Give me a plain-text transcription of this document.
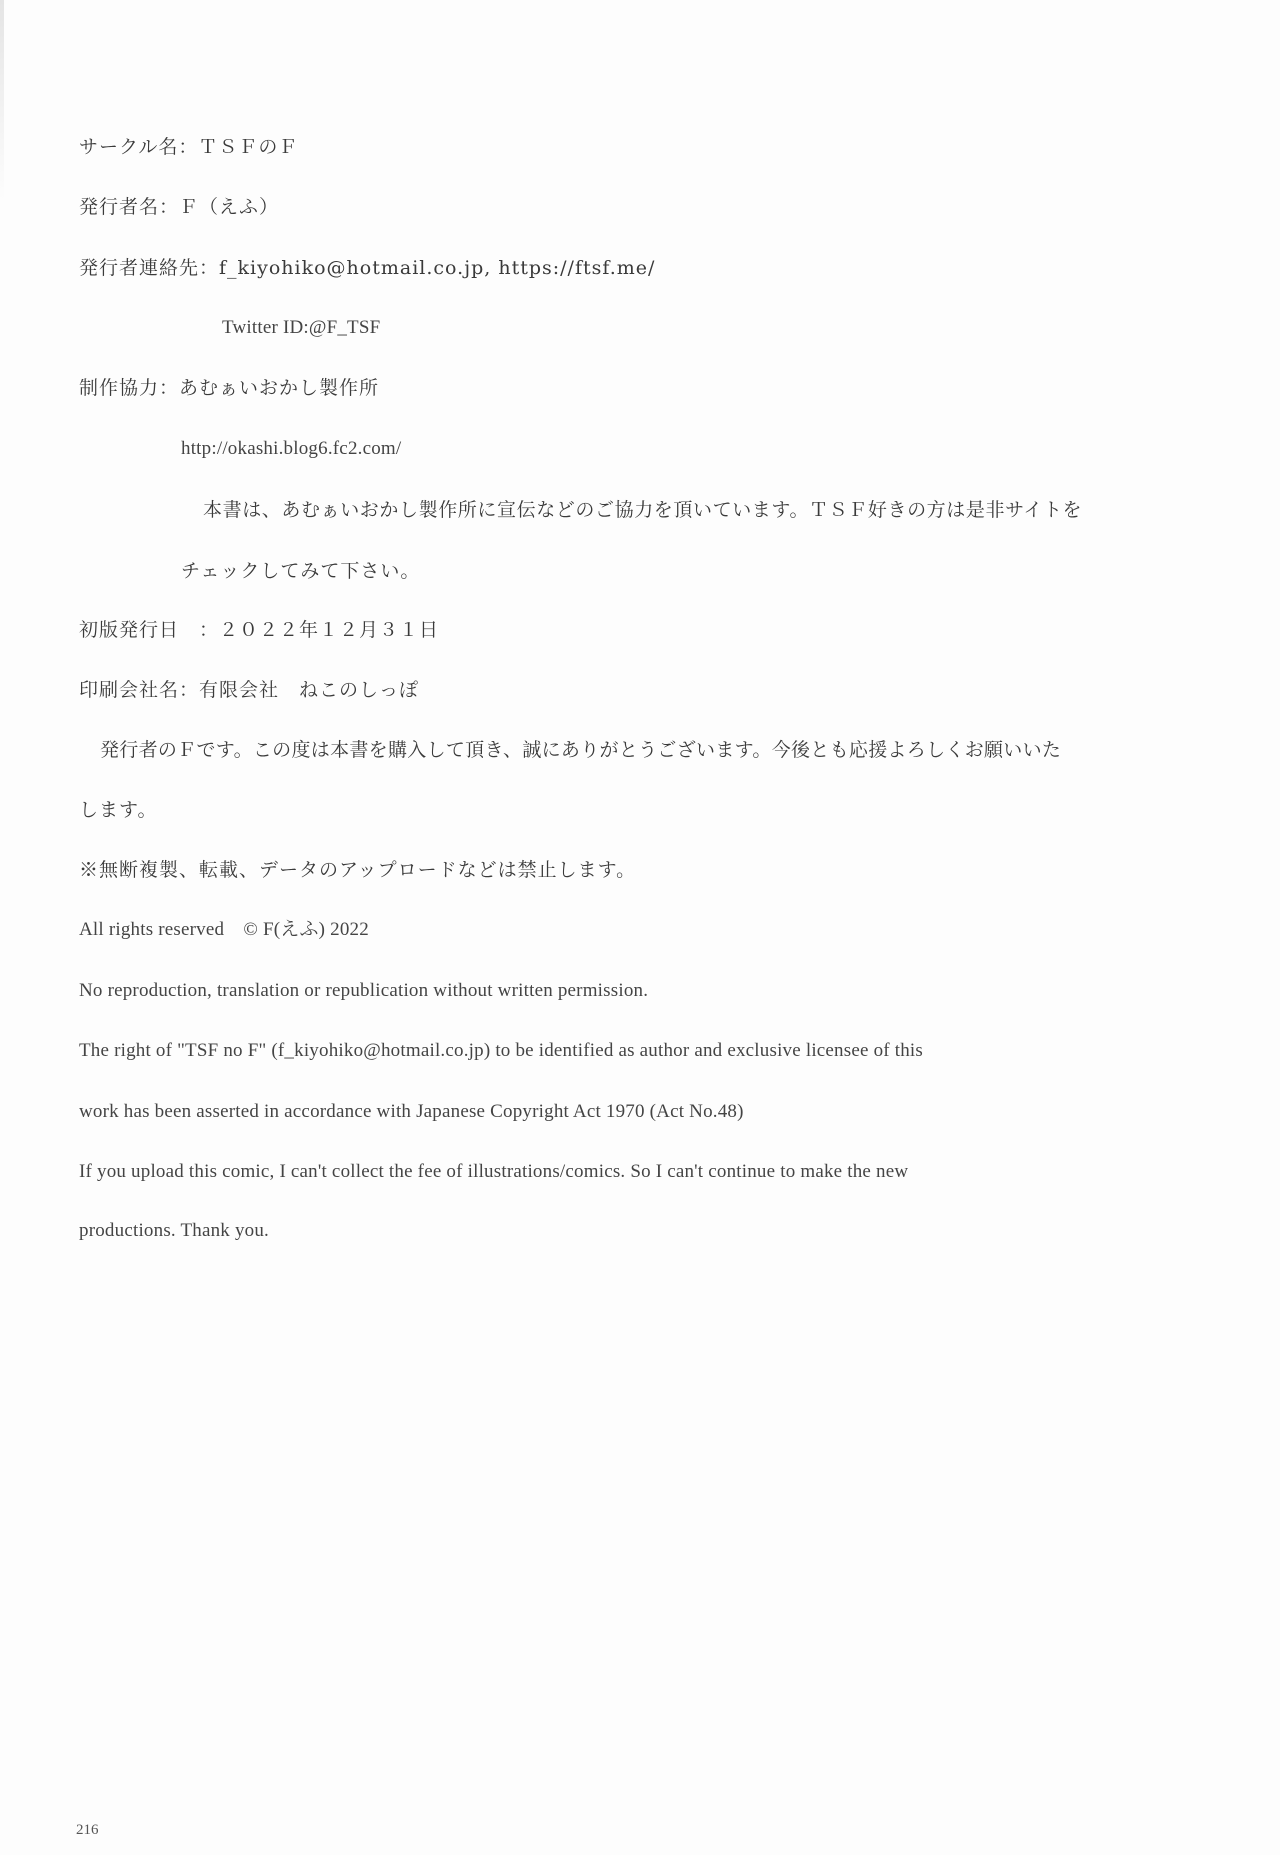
サークル名：ＴＳＦのＦ
発行者名：Ｆ（えふ）
発行者連絡先：f_kiyohiko@hotmail.co.jp, https://ftsf.me/
Twitter ID:@F_TSF
制作協力：あむぁいおかし製作所
http://okashi.blog6.fc2.com/
本書は、あむぁいおかし製作所に宣伝などのご協力を頂いています。ＴＳＦ好きの方は是非サイトを
チェックしてみて下さい。
初版発行日　：２０２２年１２月３１日
印刷会社名：有限会社　ねこのしっぽ
発行者のＦです。この度は本書を購入して頂き、誠にありがとうございます。今後とも応援よろしくお願いいた
します。
※無断複製、転載、データのアップロードなどは禁止します。
All rights reserved　© F(えふ) 2022
No reproduction, translation or republication without written permission.
The right of "TSF no F" (f_kiyohiko@hotmail.co.jp) to be identified as author and exclusive licensee of this
work has been asserted in accordance with Japanese Copyright Act 1970 (Act No.48)
If you upload this comic, I can't collect the fee of illustrations/comics. So I can't continue to make the new
productions. Thank you.
216
